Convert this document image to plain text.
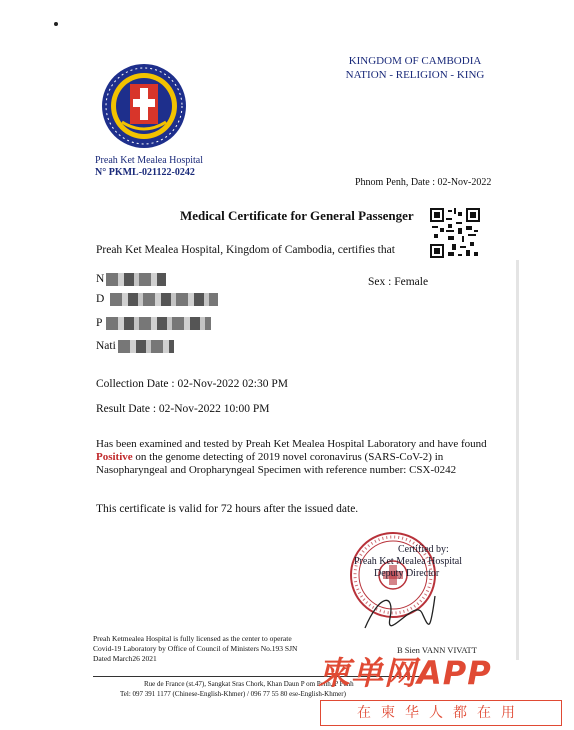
KINGDOM OF CAMBODIA
NATION - RELIGION - KING
Preah Ket Mealea Hospital
N° PKML-021122-0242
Phnom Penh, Date : 02-Nov-2022
Medical Certificate for General Passenger
Preah Ket Mealea Hospital, Kingdom of Cambodia, certifies that
N	Sex : Female
D
P
Nati
Collection Date : 02-Nov-2022 02:30 PM
Result Date : 02-Nov-2022 10:00 PM
Has been examined and tested by Preah Ket Mealea Hospital Laboratory and have found
Positive on the genome detecting of 2019 novel coronavirus (SARS-CoV-2) in
Nasopharyngeal and Oropharyngeal Specimen with reference number: CSX-0242
This certificate is valid for 72 hours after the issued date.
Certified by:
Preah Ket Mealea Hospital
Deputy Director
B Sien VANN VIVATT
Preah Ketmealea Hospital is fully licensed as the center to operate
Covid-19 Laboratory by Office of Council of Ministers No.193 SJN
Dated March26 2021
Rue de France (st.47), Sangkat Sras Chork, Khan Daun P om Penh, P Penh
Tel: 097 391 1177 (Chinese-English-Khmer) / 096 77 55 80 ese-English-Khmer)
柬单网APP
在柬华人都在用
